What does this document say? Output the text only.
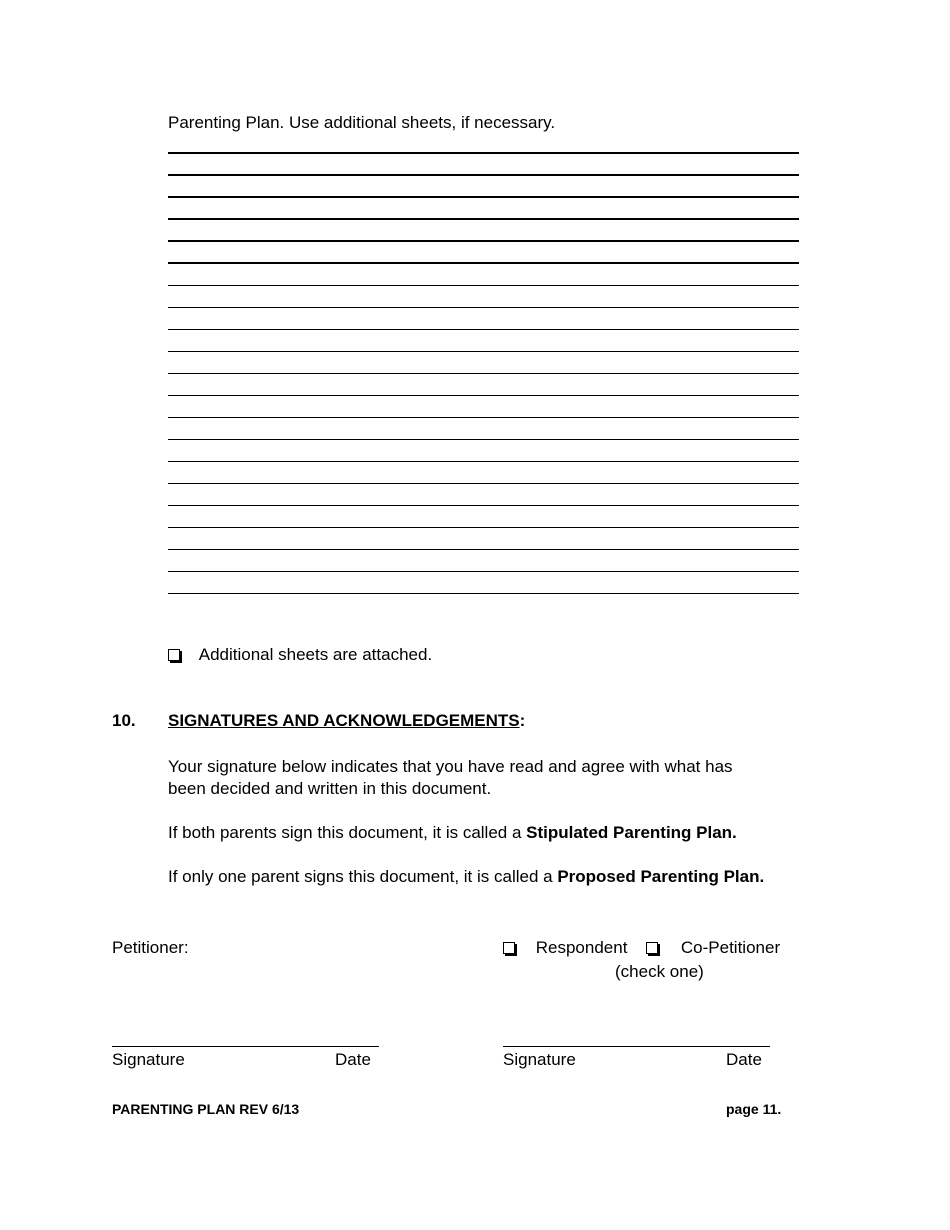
Parenting Plan. Use additional sheets, if necessary.
Additional sheets are attached.
10. SIGNATURES AND ACKNOWLEDGEMENTS:
Your signature below indicates that you have read and agree with what has
been decided and written in this document.
If both parents sign this document, it is called a Stipulated Parenting Plan.
If only one parent signs this document, it is called a Proposed Parenting Plan.
Petitioner:	Respondent	Co-Petitioner
(check one)
Signature	Date	Signature	Date
PARENTING PLAN REV 6/13	page 11.
